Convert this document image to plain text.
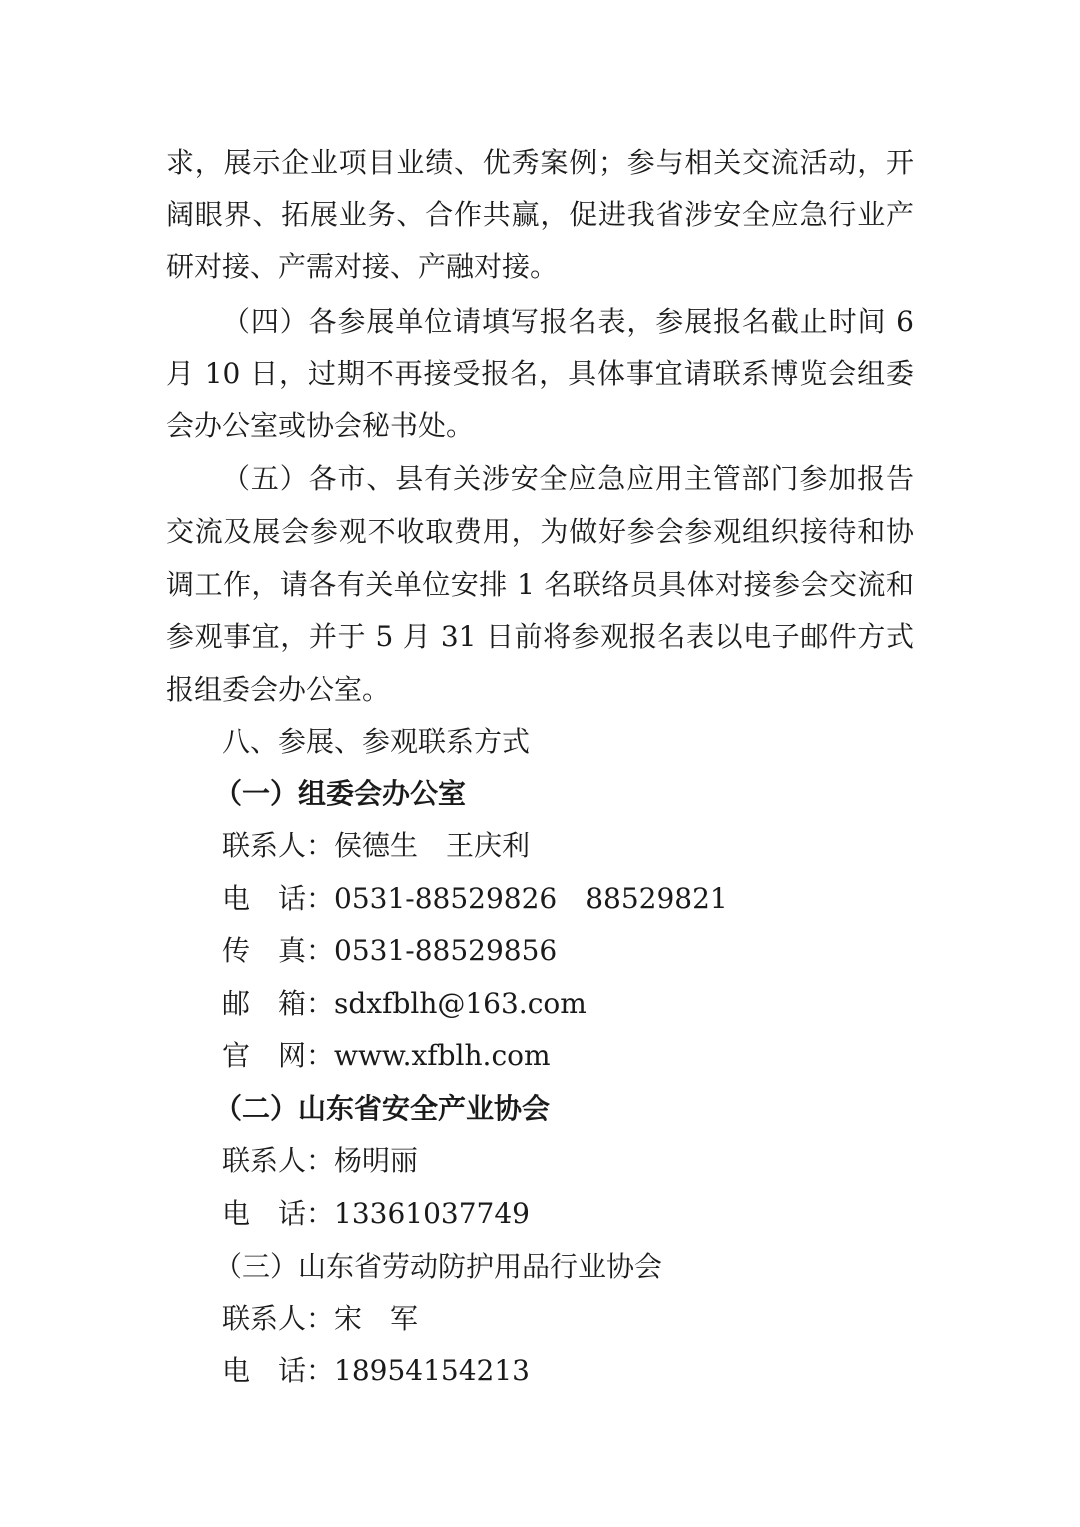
求，展示企业项目业绩、优秀案例；参与相关交流活动，开
阔眼界、拓展业务、合作共赢，促进我省涉安全应急行业产
研对接、产需对接、产融对接。
（四）各参展单位请填写报名表，参展报名截止时间 6
月 10 日，过期不再接受报名，具体事宜请联系博览会组委
会办公室或协会秘书处。
（五）各市、县有关涉安全应急应用主管部门参加报告
交流及展会参观不收取费用，为做好参会参观组织接待和协
调工作，请各有关单位安排 1 名联络员具体对接参会交流和
参观事宜，并于 5 月 31 日前将参观报名表以电子邮件方式
报组委会办公室。
八、参展、参观联系方式
（一）组委会办公室
联系人：侯德生　王庆利
电　话：0531-88529826　88529821
传　真：0531-88529856
邮　箱：sdxfblh@163.com
官　网：www.xfblh.com
（二）山东省安全产业协会
联系人：杨明丽
电　话：13361037749
（三）山东省劳动防护用品行业协会
联系人：宋　军
电　话：18954154213
